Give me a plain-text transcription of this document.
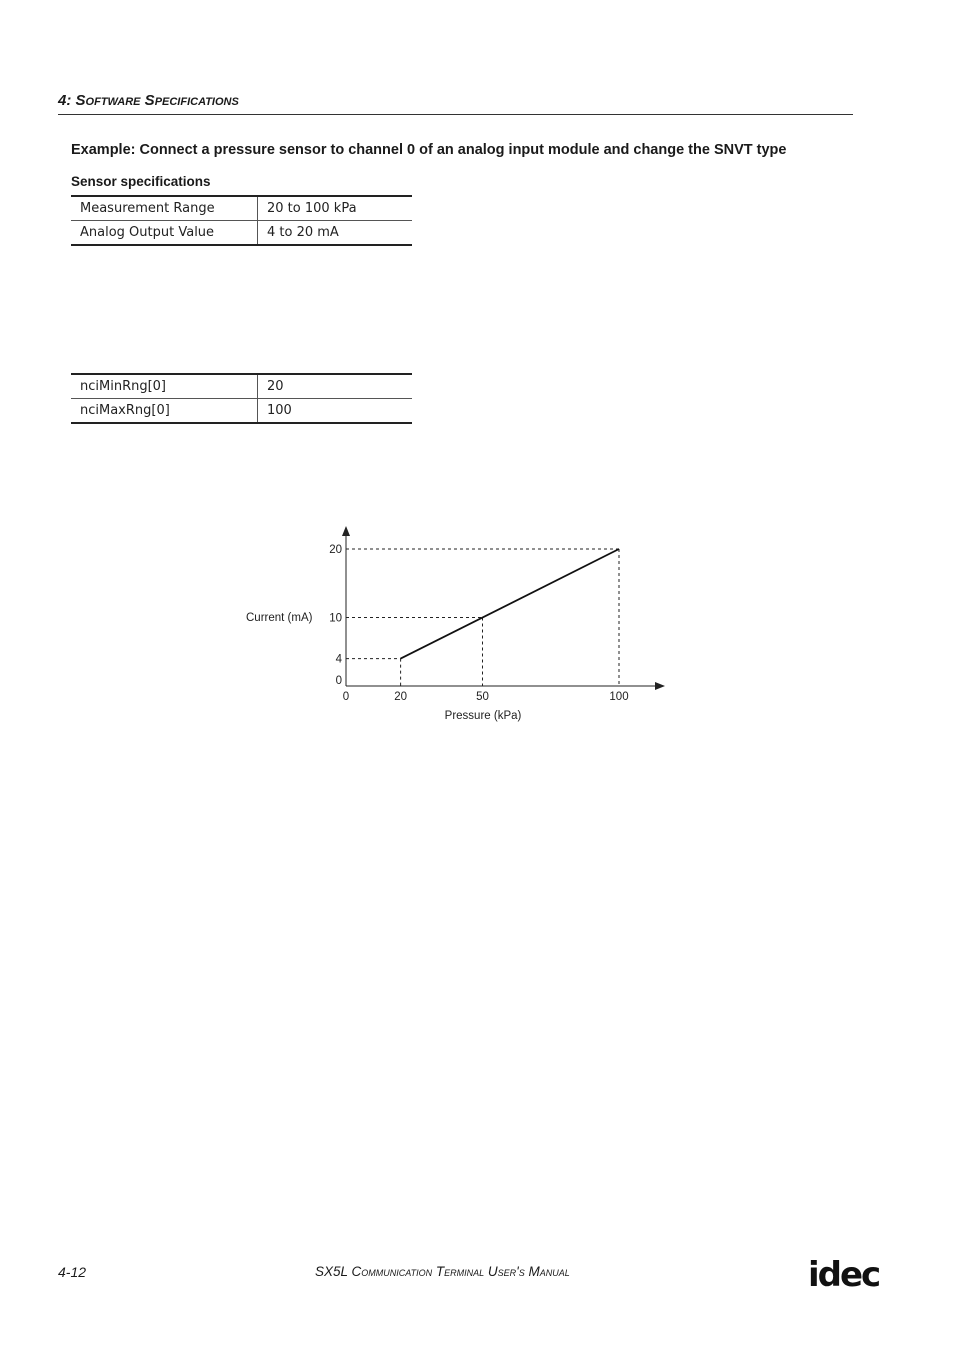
4: Software Specifications
Example: Connect a pressure sensor to channel 0 of an analog input module and change the SNVT type
Sensor specifications
Measurement Range	20 to 100 kPa
Analog Output Value	4 to 20 mA
nciMinRng[0]	20
nciMaxRng[0]	100
0
4
10
20
0	20	50	100
Current (mA)
Pressure (kPa)
4-12	SX5L Communication Terminal User's Manual	idec
